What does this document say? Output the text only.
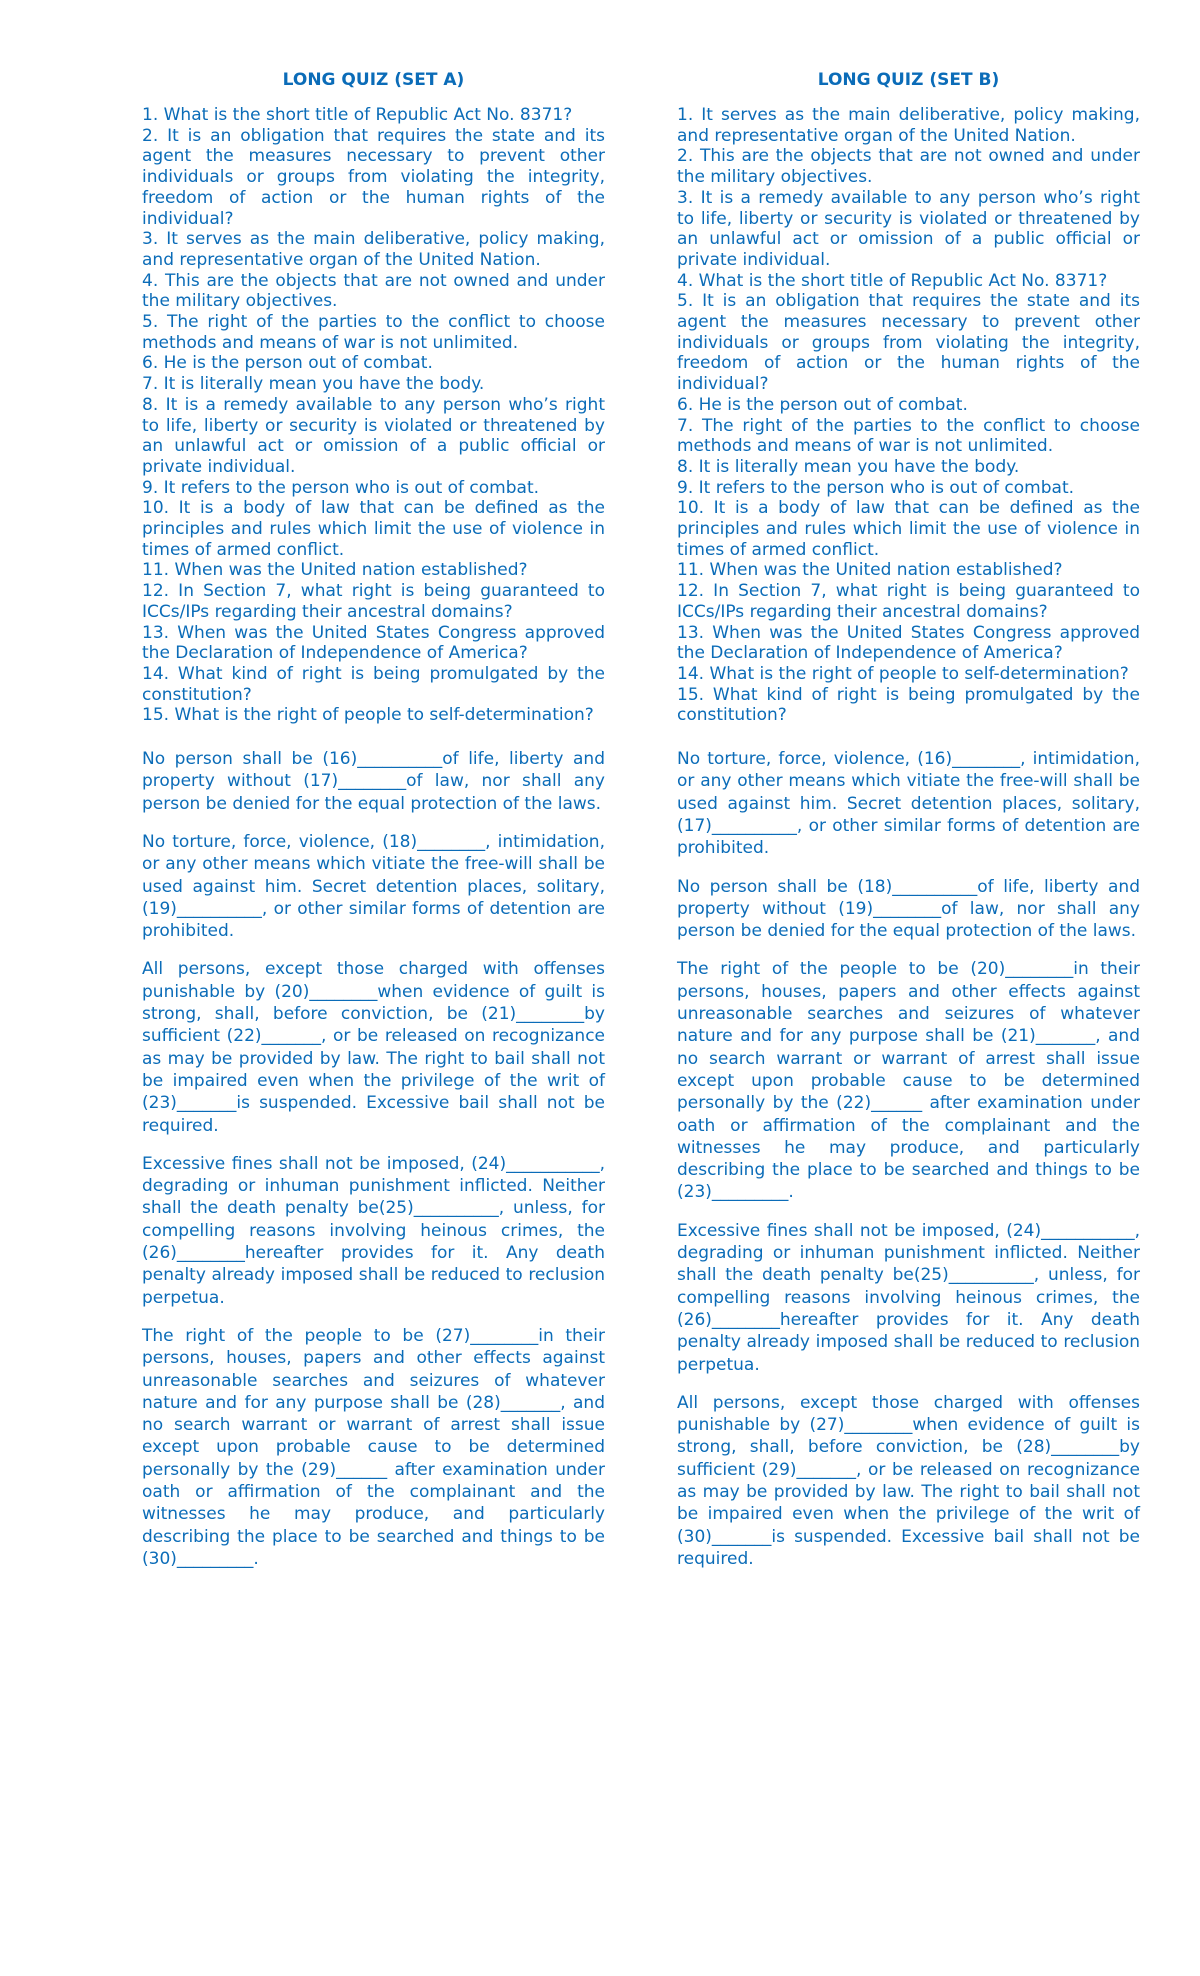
LONG QUIZ (SET A)
1. What is the short title of Republic Act No. 8371?
2. It is an obligation that requires the state and its agent the measures necessary to prevent other individuals or groups from violating the integrity, freedom of action or the human rights of the individual?
3. It serves as the main deliberative, policy making, and representative organ of the United Nation.
4. This are the objects that are not owned and under the military objectives.
5. The right of the parties to the conflict to choose methods and means of war is not unlimited.
6. He is the person out of combat.
7. It is literally mean you have the body.
8. It is a remedy available to any person who’s right to life, liberty or security is violated or threatened by an unlawful act or omission of a public official or private individual.
9. It refers to the person who is out of combat.
10. It is a body of law that can be defined as the principles and rules which limit the use of violence in times of armed conflict.
11. When was the United nation established?
12. In Section 7, what right is being guaranteed to ICCs/IPs regarding their ancestral domains?
13. When was the United States Congress approved the Declaration of Independence of America?
14. What kind of right is being promulgated by the constitution?
15. What is the right of people to self-determination?

No person shall be (16)__________of life, liberty and property without (17)________of law, nor shall any person be denied for the equal protection of the laws.

No torture, force, violence, (18)________, intimidation, or any other means which vitiate the free-will shall be used against him. Secret detention places, solitary, (19)__________, or other similar forms of detention are prohibited.

All persons, except those charged with offenses punishable by (20)________when evidence of guilt is strong, shall, before conviction, be (21)________by sufficient (22)_______, or be released on recognizance as may be provided by law. The right to bail shall not be impaired even when the privilege of the writ of (23)_______is suspended. Excessive bail shall not be required.

Excessive fines shall not be imposed, (24)___________, degrading or inhuman punishment inflicted. Neither shall the death penalty be(25)__________, unless, for compelling reasons involving heinous crimes, the (26)________hereafter provides for it. Any death penalty already imposed shall be reduced to reclusion perpetua.

The right of the people to be (27)________in their persons, houses, papers and other effects against unreasonable searches and seizures of whatever nature and for any purpose shall be (28)_______, and no search warrant or warrant of arrest shall issue except upon probable cause to be determined personally by the (29)______ after examination under oath or affirmation of the complainant and the witnesses he may produce, and particularly describing the place to be searched and things to be (30)_________.

LONG QUIZ (SET B)
1. It serves as the main deliberative, policy making, and representative organ of the United Nation.
2. This are the objects that are not owned and under the military objectives.
3. It is a remedy available to any person who’s right to life, liberty or security is violated or threatened by an unlawful act or omission of a public official or private individual.
4. What is the short title of Republic Act No. 8371?
5. It is an obligation that requires the state and its agent the measures necessary to prevent other individuals or groups from violating the integrity, freedom of action or the human rights of the individual?
6. He is the person out of combat.
7. The right of the parties to the conflict to choose methods and means of war is not unlimited.
8. It is literally mean you have the body.
9. It refers to the person who is out of combat.
10. It is a body of law that can be defined as the principles and rules which limit the use of violence in times of armed conflict.
11. When was the United nation established?
12. In Section 7, what right is being guaranteed to ICCs/IPs regarding their ancestral domains?
13. When was the United States Congress approved the Declaration of Independence of America?
14. What is the right of people to self-determination?
15. What kind of right is being promulgated by the constitution?

No torture, force, violence, (16)________, intimidation, or any other means which vitiate the free-will shall be used against him. Secret detention places, solitary, (17)__________, or other similar forms of detention are prohibited.

No person shall be (18)__________of life, liberty and property without (19)________of law, nor shall any person be denied for the equal protection of the laws.

The right of the people to be (20)________in their persons, houses, papers and other effects against unreasonable searches and seizures of whatever nature and for any purpose shall be (21)_______, and no search warrant or warrant of arrest shall issue except upon probable cause to be determined personally by the (22)______ after examination under oath or affirmation of the complainant and the witnesses he may produce, and particularly describing the place to be searched and things to be (23)_________.

Excessive fines shall not be imposed, (24)___________, degrading or inhuman punishment inflicted. Neither shall the death penalty be(25)__________, unless, for compelling reasons involving heinous crimes, the (26)________hereafter provides for it. Any death penalty already imposed shall be reduced to reclusion perpetua.

All persons, except those charged with offenses punishable by (27)________when evidence of guilt is strong, shall, before conviction, be (28)________by sufficient (29)_______, or be released on recognizance as may be provided by law. The right to bail shall not be impaired even when the privilege of the writ of (30)_______is suspended. Excessive bail shall not be required.
